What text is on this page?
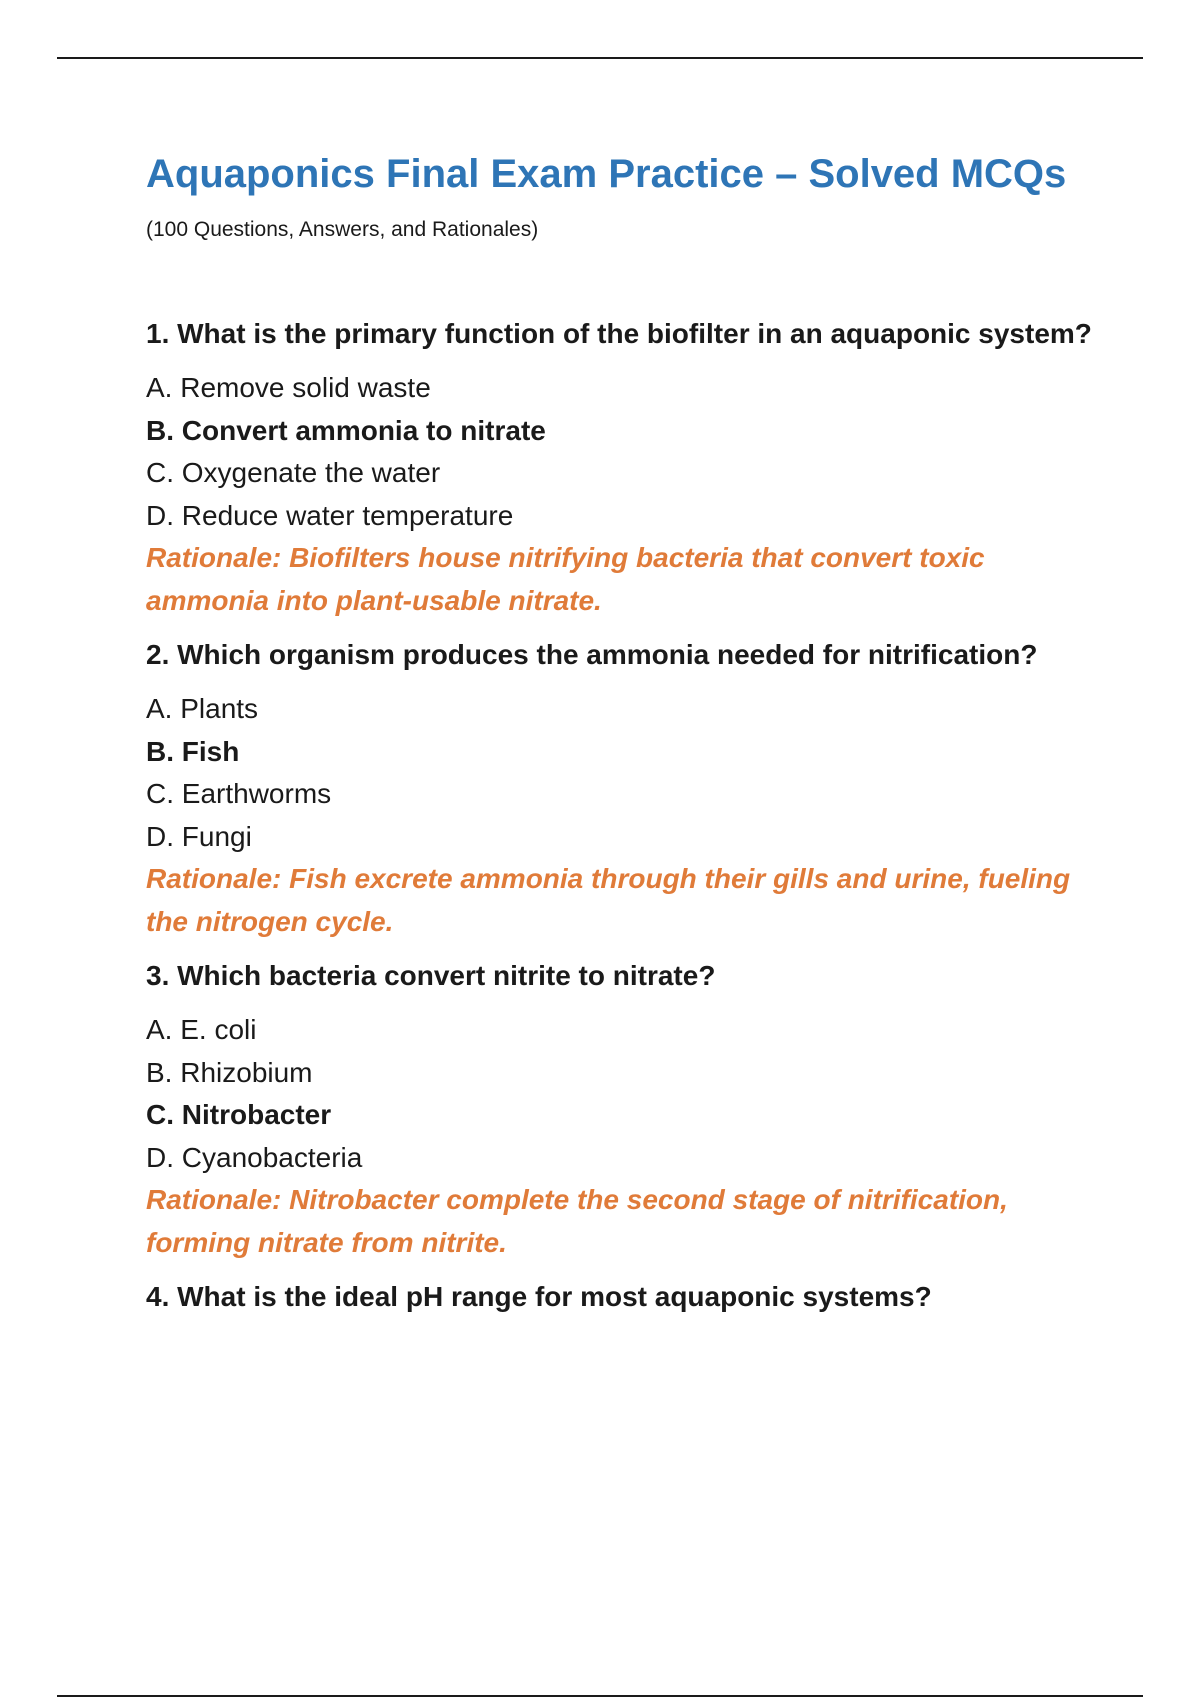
Aquaponics Final Exam Practice – Solved MCQs
(100 Questions, Answers, and Rationales)
1. What is the primary function of the biofilter in an aquaponic system?
A. Remove solid waste
B. Convert ammonia to nitrate
C. Oxygenate the water
D. Reduce water temperature
Rationale: Biofilters house nitrifying bacteria that convert toxic ammonia into plant-usable nitrate.
2. Which organism produces the ammonia needed for nitrification?
A. Plants
B. Fish
C. Earthworms
D. Fungi
Rationale: Fish excrete ammonia through their gills and urine, fueling the nitrogen cycle.
3. Which bacteria convert nitrite to nitrate?
A. E. coli
B. Rhizobium
C. Nitrobacter
D. Cyanobacteria
Rationale: Nitrobacter complete the second stage of nitrification, forming nitrate from nitrite.
4. What is the ideal pH range for most aquaponic systems?
